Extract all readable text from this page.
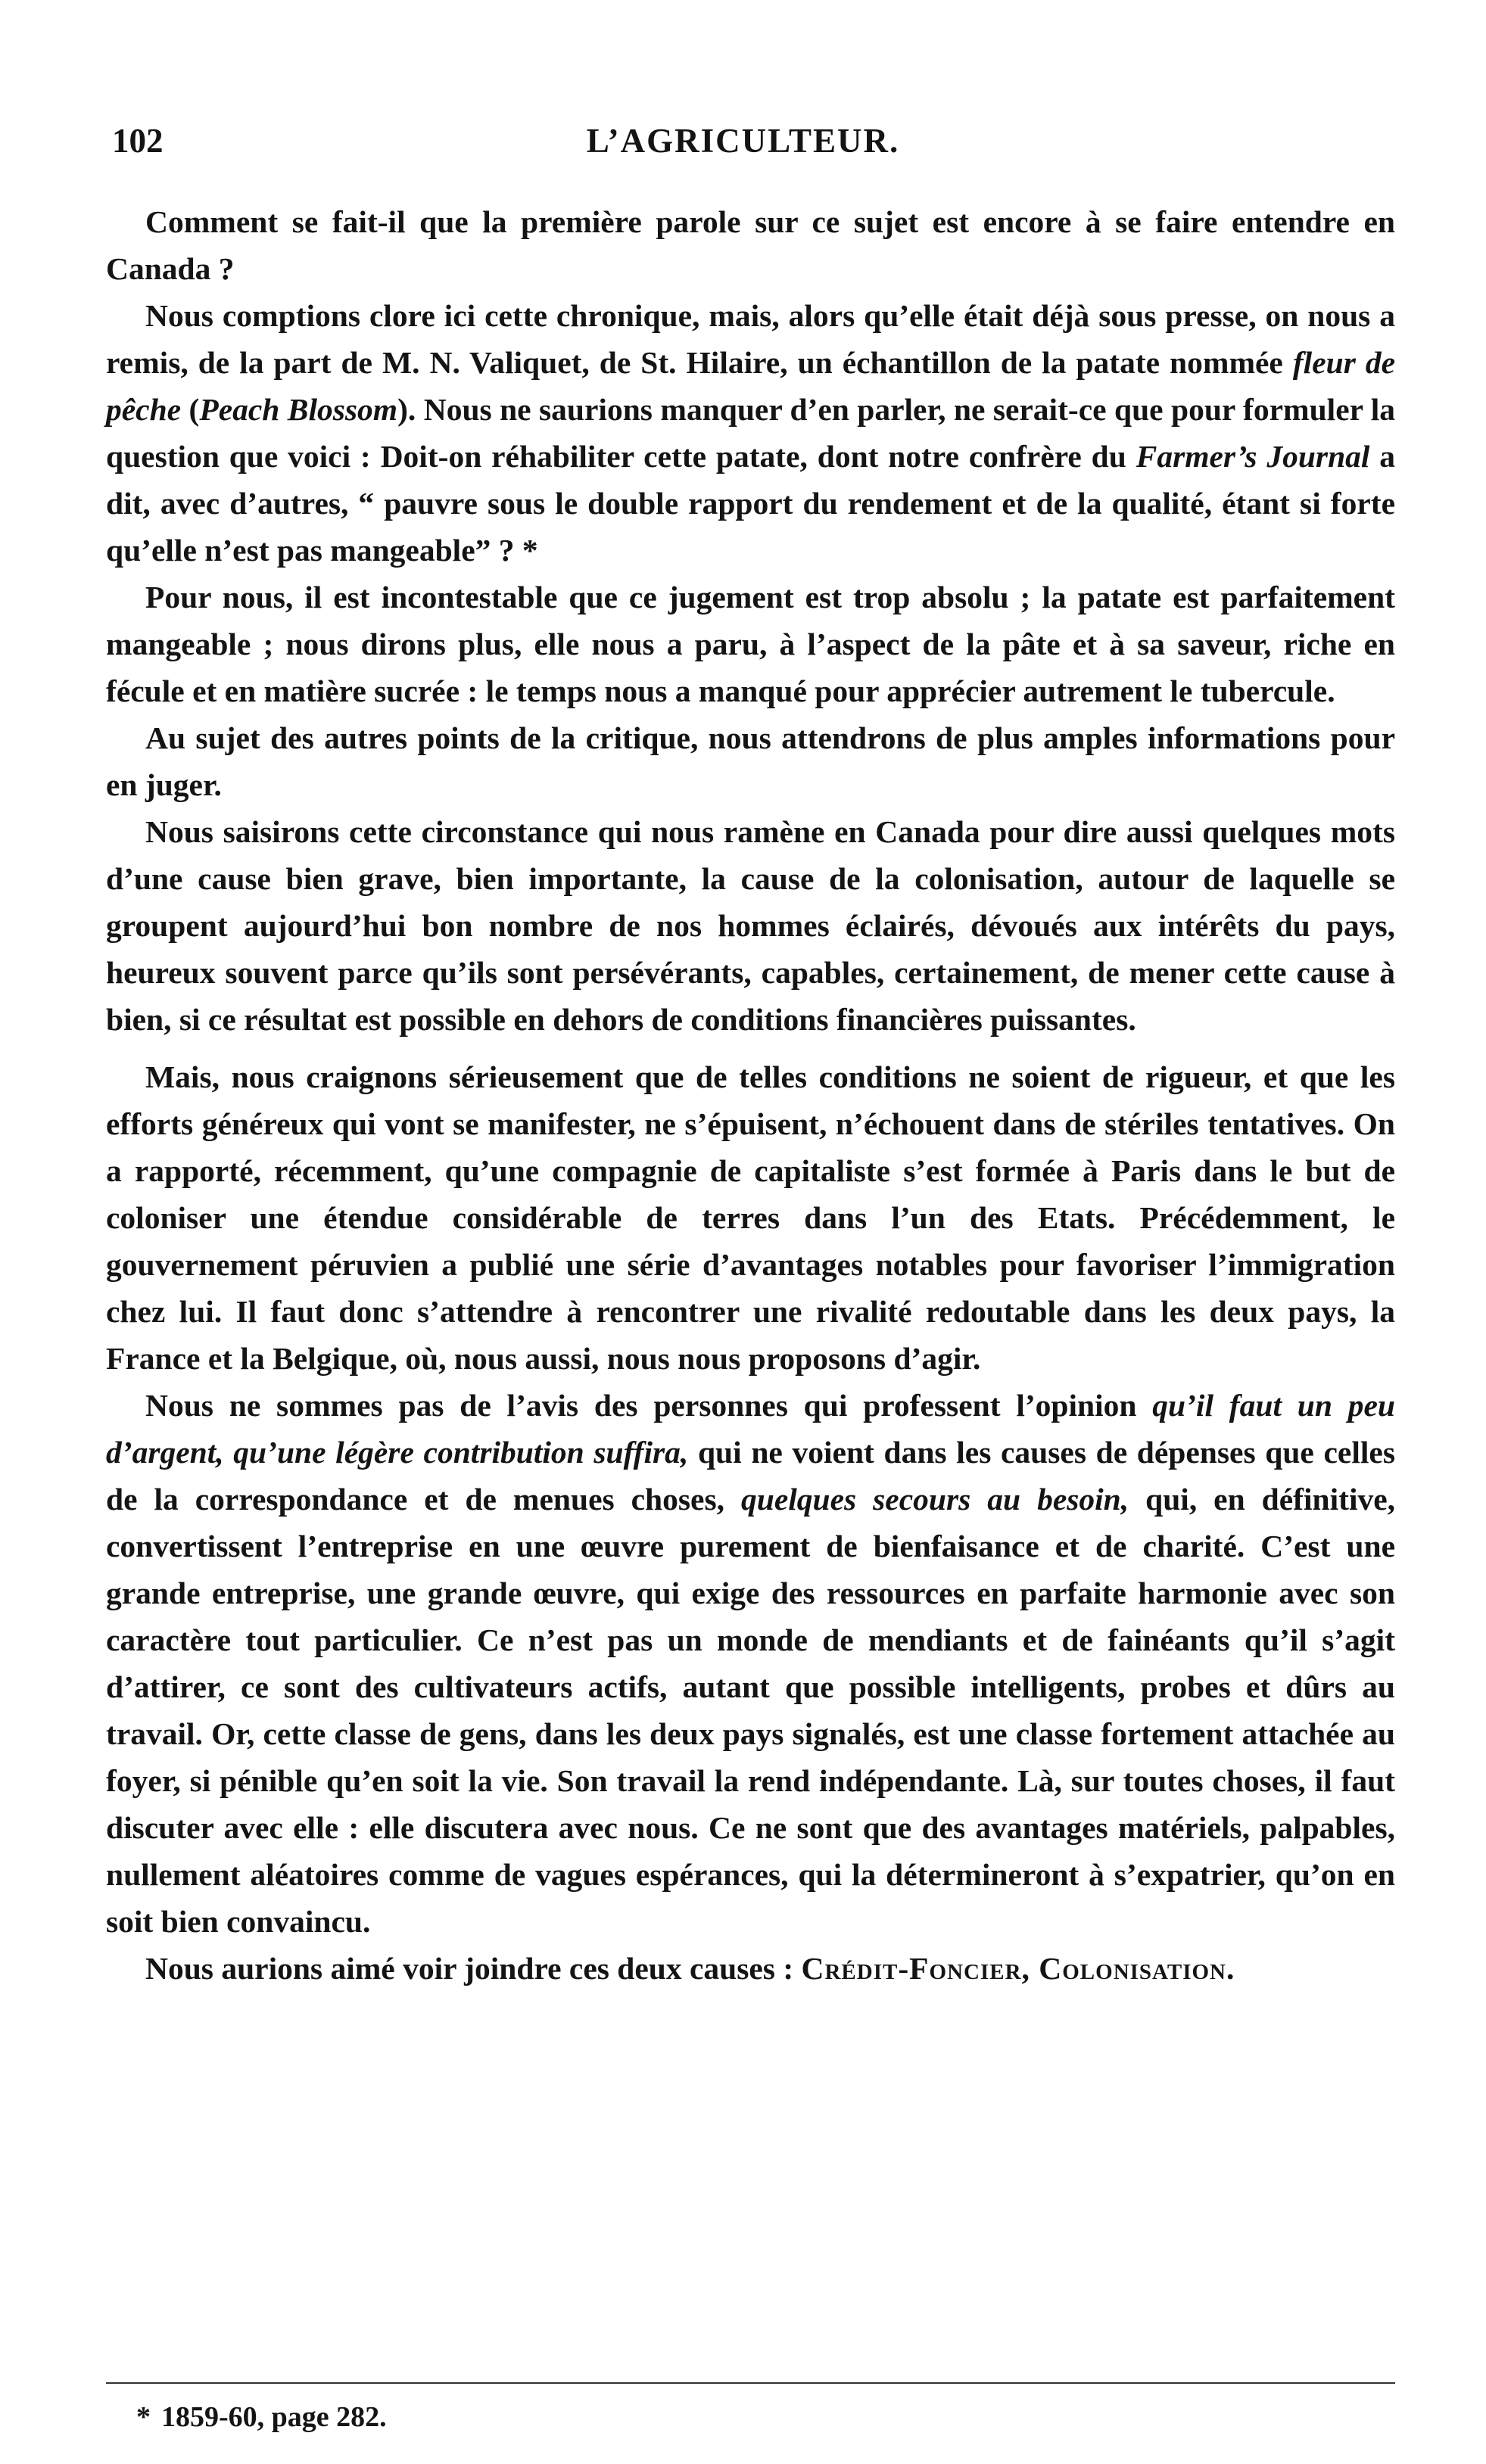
102	L’AGRICULTEUR.

Comment se fait-il que la première parole sur ce sujet est encore à se faire entendre en Canada ?

Nous comptions clore ici cette chronique, mais, alors qu’elle était déjà sous presse, on nous a remis, de la part de M. N. Valiquet, de St. Hilaire, un échantillon de la patate nommée fleur de pêche (Peach Blossom). Nous ne saurions manquer d’en parler, ne serait-ce que pour formuler la question que voici : Doit-on réhabiliter cette patate, dont notre confrère du Farmer’s Journal a dit, avec d’autres, “ pauvre sous le double rapport du rendement et de la qualité, étant si forte qu’elle n’est pas mangeable” ? *

Pour nous, il est incontestable que ce jugement est trop absolu ; la patate est parfaitement mangeable ; nous dirons plus, elle nous a paru, à l’aspect de la pâte et à sa saveur, riche en fécule et en matière sucrée : le temps nous a manqué pour apprécier autrement le tubercule.

Au sujet des autres points de la critique, nous attendrons de plus amples informations pour en juger.

Nous saisirons cette circonstance qui nous ramène en Canada pour dire aussi quelques mots d’une cause bien grave, bien importante, la cause de la colonisation, autour de laquelle se groupent aujourd’hui bon nombre de nos hommes éclairés, dévoués aux intérêts du pays, heureux souvent parce qu’ils sont persévérants, capables, certainement, de mener cette cause à bien, si ce résultat est possible en dehors de conditions financières puissantes.

Mais, nous craignons sérieusement que de telles conditions ne soient de rigueur, et que les efforts généreux qui vont se manifester, ne s’épuisent, n’échouent dans de stériles tentatives. On a rapporté, récemment, qu’une compagnie de capitaliste s’est formée à Paris dans le but de coloniser une étendue considérable de terres dans l’un des Etats. Précédemment, le gouvernement péruvien a publié une série d’avantages notables pour favoriser l’immigration chez lui. Il faut donc s’attendre à rencontrer une rivalité redoutable dans les deux pays, la France et la Belgique, où, nous aussi, nous nous proposons d’agir.

Nous ne sommes pas de l’avis des personnes qui professent l’opinion qu’il faut un peu d’argent, qu’une légère contribution suffira, qui ne voient dans les causes de dépenses que celles de la correspondance et de menues choses, quelques secours au besoin, qui, en définitive, convertissent l’entreprise en une œuvre purement de bienfaisance et de charité. C’est une grande entreprise, une grande œuvre, qui exige des ressources en parfaite harmonie avec son caractère tout particulier. Ce n’est pas un monde de mendiants et de fainéants qu’il s’agit d’attirer, ce sont des cultivateurs actifs, autant que possible intelligents, probes et dûrs au travail. Or, cette classe de gens, dans les deux pays signalés, est une classe fortement attachée au foyer, si pénible qu’en soit la vie. Son travail la rend indépendante. Là, sur toutes choses, il faut discuter avec elle : elle discutera avec nous. Ce ne sont que des avantages matériels, palpables, nullement aléatoires comme de vagues espérances, qui la détermineront à s’expatrier, qu’on en soit bien convaincu.

Nous aurions aimé voir joindre ces deux causes : Crédit-Foncier, Colonisation.

* 1859-60, page 282.
